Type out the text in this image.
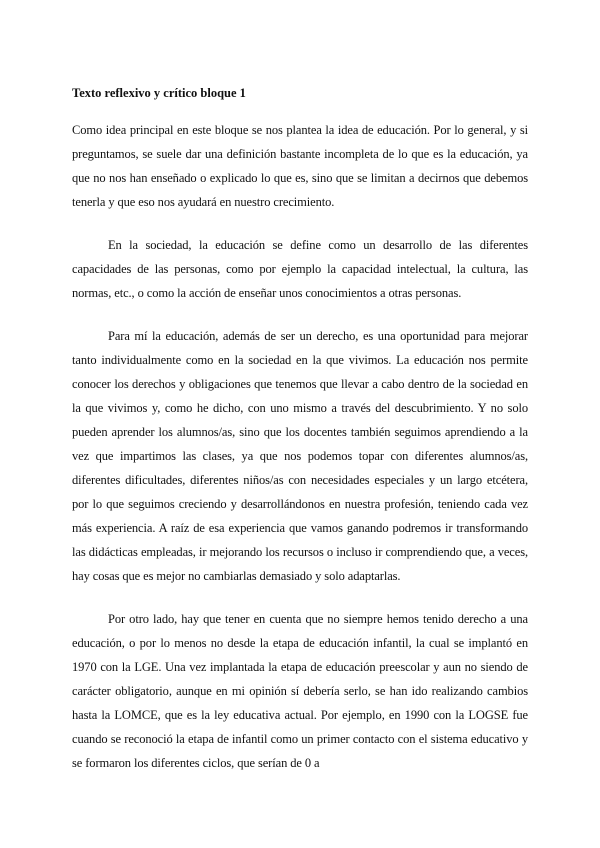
Texto reflexivo y crítico bloque 1

Como idea principal en este bloque se nos plantea la idea de educación. Por lo general, y si preguntamos, se suele dar una definición bastante incompleta de lo que es la educación, ya que no nos han enseñado o explicado lo que es, sino que se limitan a decirnos que debemos tenerla y que eso nos ayudará en nuestro crecimiento.

En la sociedad, la educación se define como un desarrollo de las diferentes capacidades de las personas, como por ejemplo la capacidad intelectual, la cultura, las normas, etc., o como la acción de enseñar unos conocimientos a otras personas.

Para mí la educación, además de ser un derecho, es una oportunidad para mejorar tanto individualmente como en la sociedad en la que vivimos. La educación nos permite conocer los derechos y obligaciones que tenemos que llevar a cabo dentro de la sociedad en la que vivimos y, como he dicho, con uno mismo a través del descubrimiento. Y no solo pueden aprender los alumnos/as, sino que los docentes también seguimos aprendiendo a la vez que impartimos las clases, ya que nos podemos topar con diferentes alumnos/as, diferentes dificultades, diferentes niños/as con necesidades especiales y un largo etcétera, por lo que seguimos creciendo y desarrollándonos en nuestra profesión, teniendo cada vez más experiencia. A raíz de esa experiencia que vamos ganando podremos ir transformando las didácticas empleadas, ir mejorando los recursos o incluso ir comprendiendo que, a veces, hay cosas que es mejor no cambiarlas demasiado y solo adaptarlas.

Por otro lado, hay que tener en cuenta que no siempre hemos tenido derecho a una educación, o por lo menos no desde la etapa de educación infantil, la cual se implantó en 1970 con la LGE. Una vez implantada la etapa de educación preescolar y aun no siendo de carácter obligatorio, aunque en mi opinión sí debería serlo, se han ido realizando cambios hasta la LOMCE, que es la ley educativa actual. Por ejemplo, en 1990 con la LOGSE fue cuando se reconoció la etapa de infantil como un primer contacto con el sistema educativo y se formaron los diferentes ciclos, que serían de 0 a
